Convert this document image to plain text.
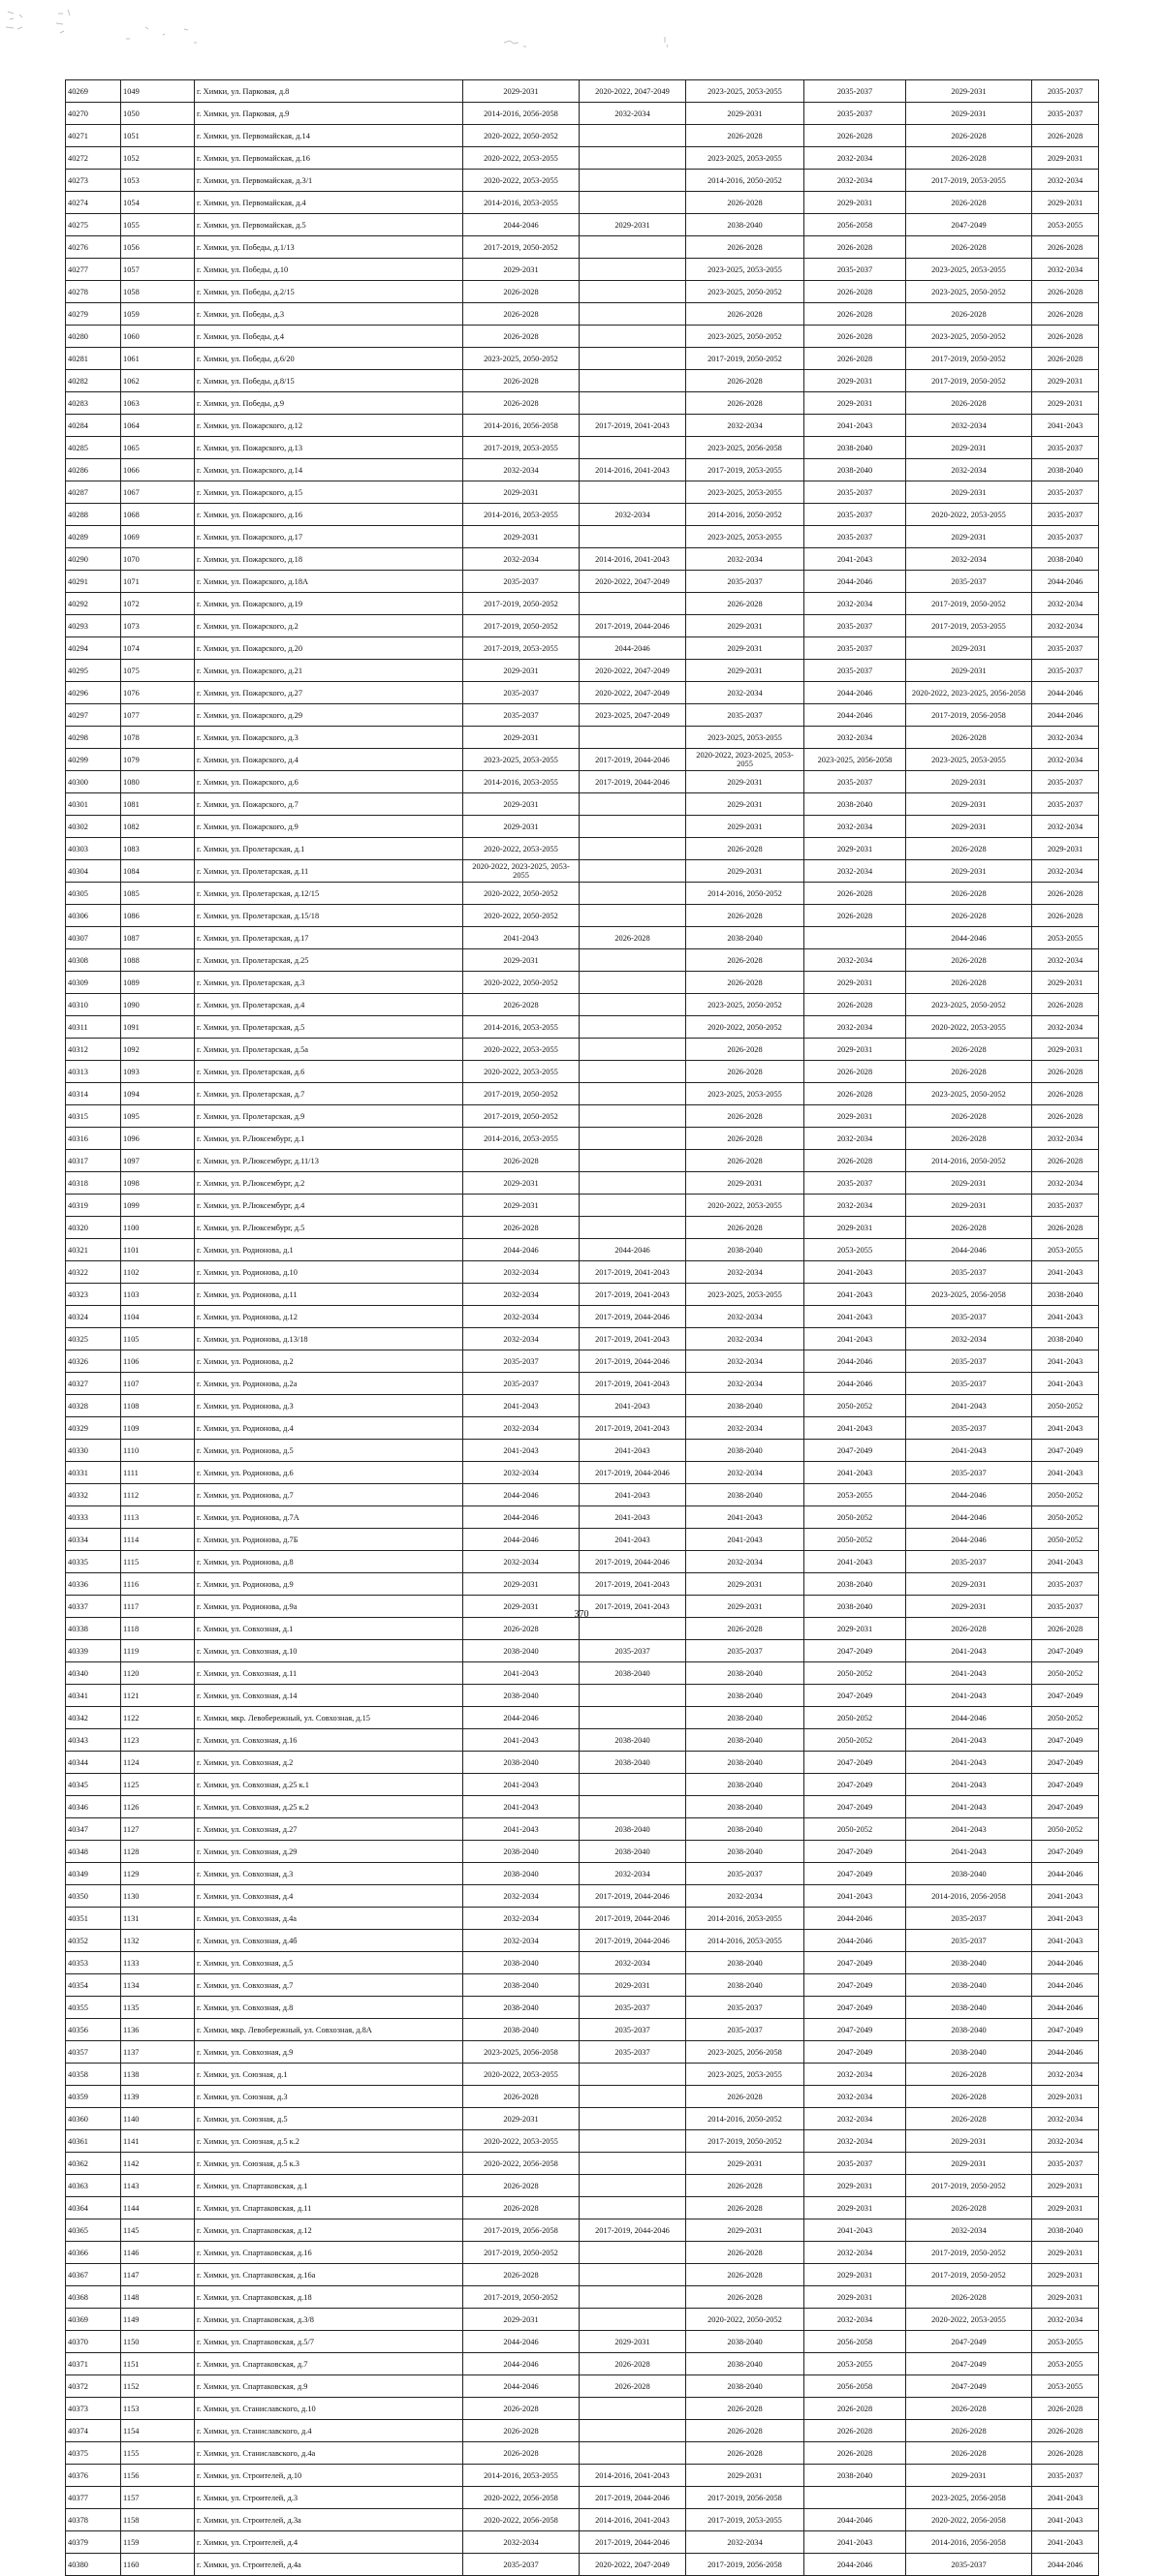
40269	1049	г. Химки, ул. Парковая, д.8	2029-2031	2020-2022, 2047-2049	2023-2025, 2053-2055	2035-2037	2029-2031	2035-2037
40270	1050	г. Химки, ул. Парковая, д.9	2014-2016, 2056-2058	2032-2034	2029-2031	2035-2037	2029-2031	2035-2037
40271	1051	г. Химки, ул. Первомайская, д.14	2020-2022, 2050-2052		2026-2028	2026-2028	2026-2028	2026-2028
40272	1052	г. Химки, ул. Первомайская, д.16	2020-2022, 2053-2055		2023-2025, 2053-2055	2032-2034	2026-2028	2029-2031
40273	1053	г. Химки, ул. Первомайская, д.3/1	2020-2022, 2053-2055		2014-2016, 2050-2052	2032-2034	2017-2019, 2053-2055	2032-2034
40274	1054	г. Химки, ул. Первомайская, д.4	2014-2016, 2053-2055		2026-2028	2029-2031	2026-2028	2029-2031
40275	1055	г. Химки, ул. Первомайская, д.5	2044-2046	2029-2031	2038-2040	2056-2058	2047-2049	2053-2055
40276	1056	г. Химки, ул. Победы, д.1/13	2017-2019, 2050-2052		2026-2028	2026-2028	2026-2028	2026-2028
40277	1057	г. Химки, ул. Победы, д.10	2029-2031		2023-2025, 2053-2055	2035-2037	2023-2025, 2053-2055	2032-2034
40278	1058	г. Химки, ул. Победы, д.2/15	2026-2028		2023-2025, 2050-2052	2026-2028	2023-2025, 2050-2052	2026-2028
40279	1059	г. Химки, ул. Победы, д.3	2026-2028		2026-2028	2026-2028	2026-2028	2026-2028
40280	1060	г. Химки, ул. Победы, д.4	2026-2028		2023-2025, 2050-2052	2026-2028	2023-2025, 2050-2052	2026-2028
40281	1061	г. Химки, ул. Победы, д.6/20	2023-2025, 2050-2052		2017-2019, 2050-2052	2026-2028	2017-2019, 2050-2052	2026-2028
40282	1062	г. Химки, ул. Победы, д.8/15	2026-2028		2026-2028	2029-2031	2017-2019, 2050-2052	2029-2031
40283	1063	г. Химки, ул. Победы, д.9	2026-2028		2026-2028	2029-2031	2026-2028	2029-2031
40284	1064	г. Химки, ул. Пожарского, д.12	2014-2016, 2056-2058	2017-2019, 2041-2043	2032-2034	2041-2043	2032-2034	2041-2043
40285	1065	г. Химки, ул. Пожарского, д.13	2017-2019, 2053-2055		2023-2025, 2056-2058	2038-2040	2029-2031	2035-2037
40286	1066	г. Химки, ул. Пожарского, д.14	2032-2034	2014-2016, 2041-2043	2017-2019, 2053-2055	2038-2040	2032-2034	2038-2040
40287	1067	г. Химки, ул. Пожарского, д.15	2029-2031		2023-2025, 2053-2055	2035-2037	2029-2031	2035-2037
40288	1068	г. Химки, ул. Пожарского, д.16	2014-2016, 2053-2055	2032-2034	2014-2016, 2050-2052	2035-2037	2020-2022, 2053-2055	2035-2037
40289	1069	г. Химки, ул. Пожарского, д.17	2029-2031		2023-2025, 2053-2055	2035-2037	2029-2031	2035-2037
40290	1070	г. Химки, ул. Пожарского, д.18	2032-2034	2014-2016, 2041-2043	2032-2034	2041-2043	2032-2034	2038-2040
40291	1071	г. Химки, ул. Пожарского, д.18А	2035-2037	2020-2022, 2047-2049	2035-2037	2044-2046	2035-2037	2044-2046
40292	1072	г. Химки, ул. Пожарского, д.19	2017-2019, 2050-2052		2026-2028	2032-2034	2017-2019, 2050-2052	2032-2034
40293	1073	г. Химки, ул. Пожарского, д.2	2017-2019, 2050-2052	2017-2019, 2044-2046	2029-2031	2035-2037	2017-2019, 2053-2055	2032-2034
40294	1074	г. Химки, ул. Пожарского, д.20	2017-2019, 2053-2055	2044-2046	2029-2031	2035-2037	2029-2031	2035-2037
40295	1075	г. Химки, ул. Пожарского, д.21	2029-2031	2020-2022, 2047-2049	2029-2031	2035-2037	2029-2031	2035-2037
40296	1076	г. Химки, ул. Пожарского, д.27	2035-2037	2020-2022, 2047-2049	2032-2034	2044-2046	2020-2022, 2023-2025, 2056-2058	2044-2046
40297	1077	г. Химки, ул. Пожарского, д.29	2035-2037	2023-2025, 2047-2049	2035-2037	2044-2046	2017-2019, 2056-2058	2044-2046
40298	1078	г. Химки, ул. Пожарского, д.3	2029-2031		2023-2025, 2053-2055	2032-2034	2026-2028	2032-2034
40299	1079	г. Химки, ул. Пожарского, д.4	2023-2025, 2053-2055	2017-2019, 2044-2046	2020-2022, 2023-2025, 2053-2055	2023-2025, 2056-2058	2023-2025, 2053-2055	2032-2034
40300	1080	г. Химки, ул. Пожарского, д.6	2014-2016, 2053-2055	2017-2019, 2044-2046	2029-2031	2035-2037	2029-2031	2035-2037
40301	1081	г. Химки, ул. Пожарского, д.7	2029-2031		2029-2031	2038-2040	2029-2031	2035-2037
40302	1082	г. Химки, ул. Пожарского, д.9	2029-2031		2029-2031	2032-2034	2029-2031	2032-2034
40303	1083	г. Химки, ул. Пролетарская, д.1	2020-2022, 2053-2055		2026-2028	2029-2031	2026-2028	2029-2031
40304	1084	г. Химки, ул. Пролетарская, д.11	2020-2022, 2023-2025, 2053-2055		2029-2031	2032-2034	2029-2031	2032-2034
40305	1085	г. Химки, ул. Пролетарская, д.12/15	2020-2022, 2050-2052		2014-2016, 2050-2052	2026-2028	2026-2028	2026-2028
40306	1086	г. Химки, ул. Пролетарская, д.15/18	2020-2022, 2050-2052		2026-2028	2026-2028	2026-2028	2026-2028
40307	1087	г. Химки, ул. Пролетарская, д.17	2041-2043	2026-2028	2038-2040		2044-2046	2053-2055
40308	1088	г. Химки, ул. Пролетарская, д.25	2029-2031		2026-2028	2032-2034	2026-2028	2032-2034
40309	1089	г. Химки, ул. Пролетарская, д.3	2020-2022, 2050-2052		2026-2028	2029-2031	2026-2028	2029-2031
40310	1090	г. Химки, ул. Пролетарская, д.4	2026-2028		2023-2025, 2050-2052	2026-2028	2023-2025, 2050-2052	2026-2028
40311	1091	г. Химки, ул. Пролетарская, д.5	2014-2016, 2053-2055		2020-2022, 2050-2052	2032-2034	2020-2022, 2053-2055	2032-2034
40312	1092	г. Химки, ул. Пролетарская, д.5а	2020-2022, 2053-2055		2026-2028	2029-2031	2026-2028	2029-2031
40313	1093	г. Химки, ул. Пролетарская, д.6	2020-2022, 2053-2055		2026-2028	2026-2028	2026-2028	2026-2028
40314	1094	г. Химки, ул. Пролетарская, д.7	2017-2019, 2050-2052		2023-2025, 2053-2055	2026-2028	2023-2025, 2050-2052	2026-2028
40315	1095	г. Химки, ул. Пролетарская, д.9	2017-2019, 2050-2052		2026-2028	2029-2031	2026-2028	2026-2028
40316	1096	г. Химки, ул. Р.Люксембург, д.1	2014-2016, 2053-2055		2026-2028	2032-2034	2026-2028	2032-2034
40317	1097	г. Химки, ул. Р.Люксембург, д.11/13	2026-2028		2026-2028	2026-2028	2014-2016, 2050-2052	2026-2028
40318	1098	г. Химки, ул. Р.Люксембург, д.2	2029-2031		2029-2031	2035-2037	2029-2031	2032-2034
40319	1099	г. Химки, ул. Р.Люксембург, д.4	2029-2031		2020-2022, 2053-2055	2032-2034	2029-2031	2035-2037
40320	1100	г. Химки, ул. Р.Люксембург, д.5	2026-2028		2026-2028	2029-2031	2026-2028	2026-2028
40321	1101	г. Химки, ул. Родионова, д.1	2044-2046	2044-2046	2038-2040	2053-2055	2044-2046	2053-2055
40322	1102	г. Химки, ул. Родионова, д.10	2032-2034	2017-2019, 2041-2043	2032-2034	2041-2043	2035-2037	2041-2043
40323	1103	г. Химки, ул. Родионова, д.11	2032-2034	2017-2019, 2041-2043	2023-2025, 2053-2055	2041-2043	2023-2025, 2056-2058	2038-2040
40324	1104	г. Химки, ул. Родионова, д.12	2032-2034	2017-2019, 2044-2046	2032-2034	2041-2043	2035-2037	2041-2043
40325	1105	г. Химки, ул. Родионова, д.13/18	2032-2034	2017-2019, 2041-2043	2032-2034	2041-2043	2032-2034	2038-2040
40326	1106	г. Химки, ул. Родионова, д.2	2035-2037	2017-2019, 2044-2046	2032-2034	2044-2046	2035-2037	2041-2043
40327	1107	г. Химки, ул. Родионова, д.2а	2035-2037	2017-2019, 2041-2043	2032-2034	2044-2046	2035-2037	2041-2043
40328	1108	г. Химки, ул. Родионова, д.3	2041-2043	2041-2043	2038-2040	2050-2052	2041-2043	2050-2052
40329	1109	г. Химки, ул. Родионова, д.4	2032-2034	2017-2019, 2041-2043	2032-2034	2041-2043	2035-2037	2041-2043
40330	1110	г. Химки, ул. Родионова, д.5	2041-2043	2041-2043	2038-2040	2047-2049	2041-2043	2047-2049
40331	1111	г. Химки, ул. Родионова, д.6	2032-2034	2017-2019, 2044-2046	2032-2034	2041-2043	2035-2037	2041-2043
40332	1112	г. Химки, ул. Родионова, д.7	2044-2046	2041-2043	2038-2040	2053-2055	2044-2046	2050-2052
40333	1113	г. Химки, ул. Родионова, д.7А	2044-2046	2041-2043	2041-2043	2050-2052	2044-2046	2050-2052
40334	1114	г. Химки, ул. Родионова, д.7Б	2044-2046	2041-2043	2041-2043	2050-2052	2044-2046	2050-2052
40335	1115	г. Химки, ул. Родионова, д.8	2032-2034	2017-2019, 2044-2046	2032-2034	2041-2043	2035-2037	2041-2043
40336	1116	г. Химки, ул. Родионова, д.9	2029-2031	2017-2019, 2041-2043	2029-2031	2038-2040	2029-2031	2035-2037
40337	1117	г. Химки, ул. Родионова, д.9а	2029-2031	2017-2019, 2041-2043	2029-2031	2038-2040	2029-2031	2035-2037
40338	1118	г. Химки, ул. Совхозная, д.1	2026-2028		2026-2028	2029-2031	2026-2028	2026-2028
40339	1119	г. Химки, ул. Совхозная, д.10	2038-2040	2035-2037	2035-2037	2047-2049	2041-2043	2047-2049
40340	1120	г. Химки, ул. Совхозная, д.11	2041-2043	2038-2040	2038-2040	2050-2052	2041-2043	2050-2052
40341	1121	г. Химки, ул. Совхозная, д.14	2038-2040		2038-2040	2047-2049	2041-2043	2047-2049
40342	1122	г. Химки, мкр. Левобережный, ул. Совхозная, д.15	2044-2046		2038-2040	2050-2052	2044-2046	2050-2052
40343	1123	г. Химки, ул. Совхозная, д.16	2041-2043	2038-2040	2038-2040	2050-2052	2041-2043	2047-2049
40344	1124	г. Химки, ул. Совхозная, д.2	2038-2040	2038-2040	2038-2040	2047-2049	2041-2043	2047-2049
40345	1125	г. Химки, ул. Совхозная, д.25 к.1	2041-2043		2038-2040	2047-2049	2041-2043	2047-2049
40346	1126	г. Химки, ул. Совхозная, д.25 к.2	2041-2043		2038-2040	2047-2049	2041-2043	2047-2049
40347	1127	г. Химки, ул. Совхозная, д.27	2041-2043	2038-2040	2038-2040	2050-2052	2041-2043	2050-2052
40348	1128	г. Химки, ул. Совхозная, д.29	2038-2040	2038-2040	2038-2040	2047-2049	2041-2043	2047-2049
40349	1129	г. Химки, ул. Совхозная, д.3	2038-2040	2032-2034	2035-2037	2047-2049	2038-2040	2044-2046
40350	1130	г. Химки, ул. Совхозная, д.4	2032-2034	2017-2019, 2044-2046	2032-2034	2041-2043	2014-2016, 2056-2058	2041-2043
40351	1131	г. Химки, ул. Совхозная, д.4а	2032-2034	2017-2019, 2044-2046	2014-2016, 2053-2055	2044-2046	2035-2037	2041-2043
40352	1132	г. Химки, ул. Совхозная, д.4б	2032-2034	2017-2019, 2044-2046	2014-2016, 2053-2055	2044-2046	2035-2037	2041-2043
40353	1133	г. Химки, ул. Совхозная, д.5	2038-2040	2032-2034	2038-2040	2047-2049	2038-2040	2044-2046
40354	1134	г. Химки, ул. Совхозная, д.7	2038-2040	2029-2031	2038-2040	2047-2049	2038-2040	2044-2046
40355	1135	г. Химки, ул. Совхозная, д.8	2038-2040	2035-2037	2035-2037	2047-2049	2038-2040	2044-2046
40356	1136	г. Химки, мкр. Левобережный, ул. Совхозная, д.8А	2038-2040	2035-2037	2035-2037	2047-2049	2038-2040	2047-2049
40357	1137	г. Химки, ул. Совхозная, д.9	2023-2025, 2056-2058	2035-2037	2023-2025, 2056-2058	2047-2049	2038-2040	2044-2046
40358	1138	г. Химки, ул. Союзная, д.1	2020-2022, 2053-2055		2023-2025, 2053-2055	2032-2034	2026-2028	2032-2034
40359	1139	г. Химки, ул. Союзная, д.3	2026-2028		2026-2028	2032-2034	2026-2028	2029-2031
40360	1140	г. Химки, ул. Союзная, д.5	2029-2031		2014-2016, 2050-2052	2032-2034	2026-2028	2032-2034
40361	1141	г. Химки, ул. Союзная, д.5 к.2	2020-2022, 2053-2055		2017-2019, 2050-2052	2032-2034	2029-2031	2032-2034
40362	1142	г. Химки, ул. Союзная, д.5 к.3	2020-2022, 2056-2058		2029-2031	2035-2037	2029-2031	2035-2037
40363	1143	г. Химки, ул. Спартаковская, д.1	2026-2028		2026-2028	2029-2031	2017-2019, 2050-2052	2029-2031
40364	1144	г. Химки, ул. Спартаковская, д.11	2026-2028		2026-2028	2029-2031	2026-2028	2029-2031
40365	1145	г. Химки, ул. Спартаковская, д.12	2017-2019, 2056-2058	2017-2019, 2044-2046	2029-2031	2041-2043	2032-2034	2038-2040
40366	1146	г. Химки, ул. Спартаковская, д.16	2017-2019, 2050-2052		2026-2028	2032-2034	2017-2019, 2050-2052	2029-2031
40367	1147	г. Химки, ул. Спартаковская, д.16а	2026-2028		2026-2028	2029-2031	2017-2019, 2050-2052	2029-2031
40368	1148	г. Химки, ул. Спартаковская, д.18	2017-2019, 2050-2052		2026-2028	2029-2031	2026-2028	2029-2031
40369	1149	г. Химки, ул. Спартаковская, д.3/8	2029-2031		2020-2022, 2050-2052	2032-2034	2020-2022, 2053-2055	2032-2034
40370	1150	г. Химки, ул. Спартаковская, д.5/7	2044-2046	2029-2031	2038-2040	2056-2058	2047-2049	2053-2055
40371	1151	г. Химки, ул. Спартаковская, д.7	2044-2046	2026-2028	2038-2040	2053-2055	2047-2049	2053-2055
40372	1152	г. Химки, ул. Спартаковская, д.9	2044-2046	2026-2028	2038-2040	2056-2058	2047-2049	2053-2055
40373	1153	г. Химки, ул. Станиславского, д.10	2026-2028		2026-2028	2026-2028	2026-2028	2026-2028
40374	1154	г. Химки, ул. Станиславского, д.4	2026-2028		2026-2028	2026-2028	2026-2028	2026-2028
40375	1155	г. Химки, ул. Станиславского, д.4а	2026-2028		2026-2028	2026-2028	2026-2028	2026-2028
40376	1156	г. Химки, ул. Строителей, д.10	2014-2016, 2053-2055	2014-2016, 2041-2043	2029-2031	2038-2040	2029-2031	2035-2037
40377	1157	г. Химки, ул. Строителей, д.3	2020-2022, 2056-2058	2017-2019, 2044-2046	2017-2019, 2056-2058		2023-2025, 2056-2058	2041-2043
40378	1158	г. Химки, ул. Строителей, д.3а	2020-2022, 2056-2058	2014-2016, 2041-2043	2017-2019, 2053-2055	2044-2046	2020-2022, 2056-2058	2041-2043
40379	1159	г. Химки, ул. Строителей, д.4	2032-2034	2017-2019, 2044-2046	2032-2034	2041-2043	2014-2016, 2056-2058	2041-2043
40380	1160	г. Химки, ул. Строителей, д.4а	2035-2037	2020-2022, 2047-2049	2017-2019, 2056-2058	2044-2046	2035-2037	2044-2046
370
